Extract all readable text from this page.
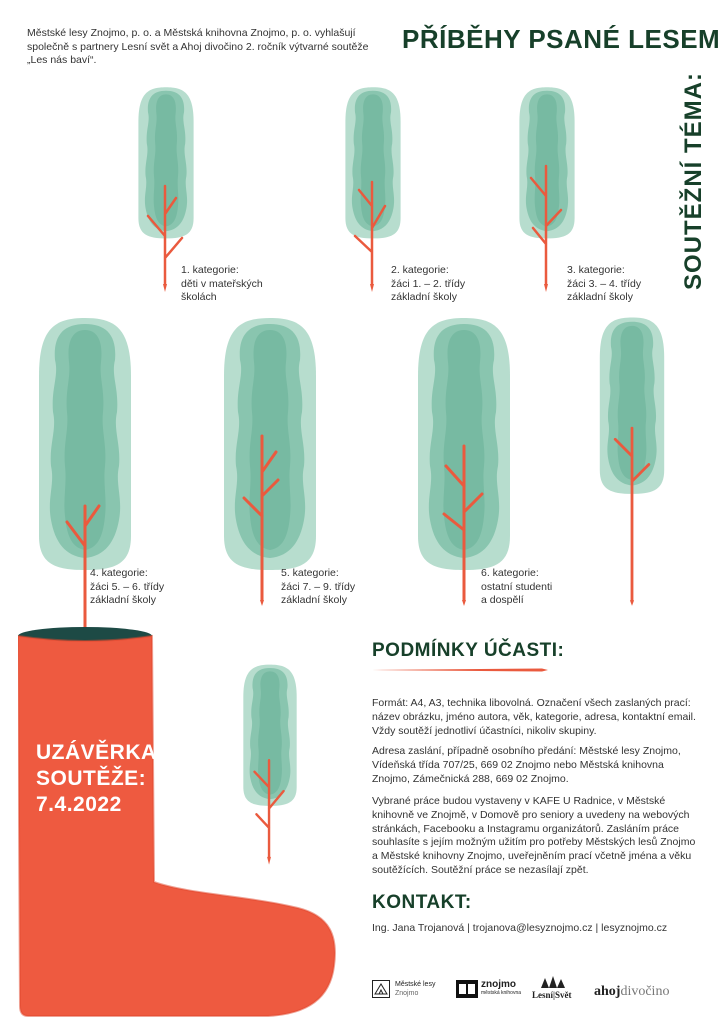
Městské lesy Znojmo, p. o. a Městská knihovna Znojmo, p. o. vyhlašují společně s partnery Lesní svět a Ahoj divočino 2. ročník výtvarné soutěže „Les nás baví“.
PŘÍBĚHY PSANÉ LESEM
SOUTĚŽNÍ TÉMA:
1. kategorie:
děti v mateřských
školách
2. kategorie:
žáci 1. – 2. třídy
základní školy
3. kategorie:
žáci 3. – 4. třídy
základní školy
4. kategorie:
žáci 5. – 6. třídy
základní školy
5. kategorie:
žáci 7. – 9. třídy
základní školy
6. kategorie:
ostatní studenti
a dospělí
UZÁVĚRKA
SOUTĚŽE:
7.4.2022
PODMÍNKY ÚČASTI:
Formát: A4, A3, technika libovolná. Označení všech zaslaných prací: název obrázku, jméno autora, věk, kategorie, adresa, kontaktní email. Vždy soutěží jednotliví účastníci, nikoliv skupiny.
Adresa zaslání, případně osobního předání: Městské lesy Znojmo, Vídeňská třída 707/25, 669 02 Znojmo nebo Městská knihovna Znojmo, Zámečnická 288, 669 02 Znojmo.
Vybrané práce budou vystaveny v KAFE U Radnice, v Městské knihovně ve Znojmě, v Domově pro seniory a uvedeny na webových stránkách, Facebooku a Instagramu organizátorů. Zasláním práce souhlasíte s jejím možným užitím pro potřeby Městských lesů Znojmo a Městské knihovny Znojmo, uveřejněním prací včetně jména a věku soutěžících. Soutěžní práce se nezasílají zpět.
KONTAKT:
Ing. Jana Trojanová | trojanova@lesyznojmo.cz | lesyznojmo.cz
Městské lesy
Znojmo
znojmo
městská knihovna Lesní|Svět ahoj divočino
